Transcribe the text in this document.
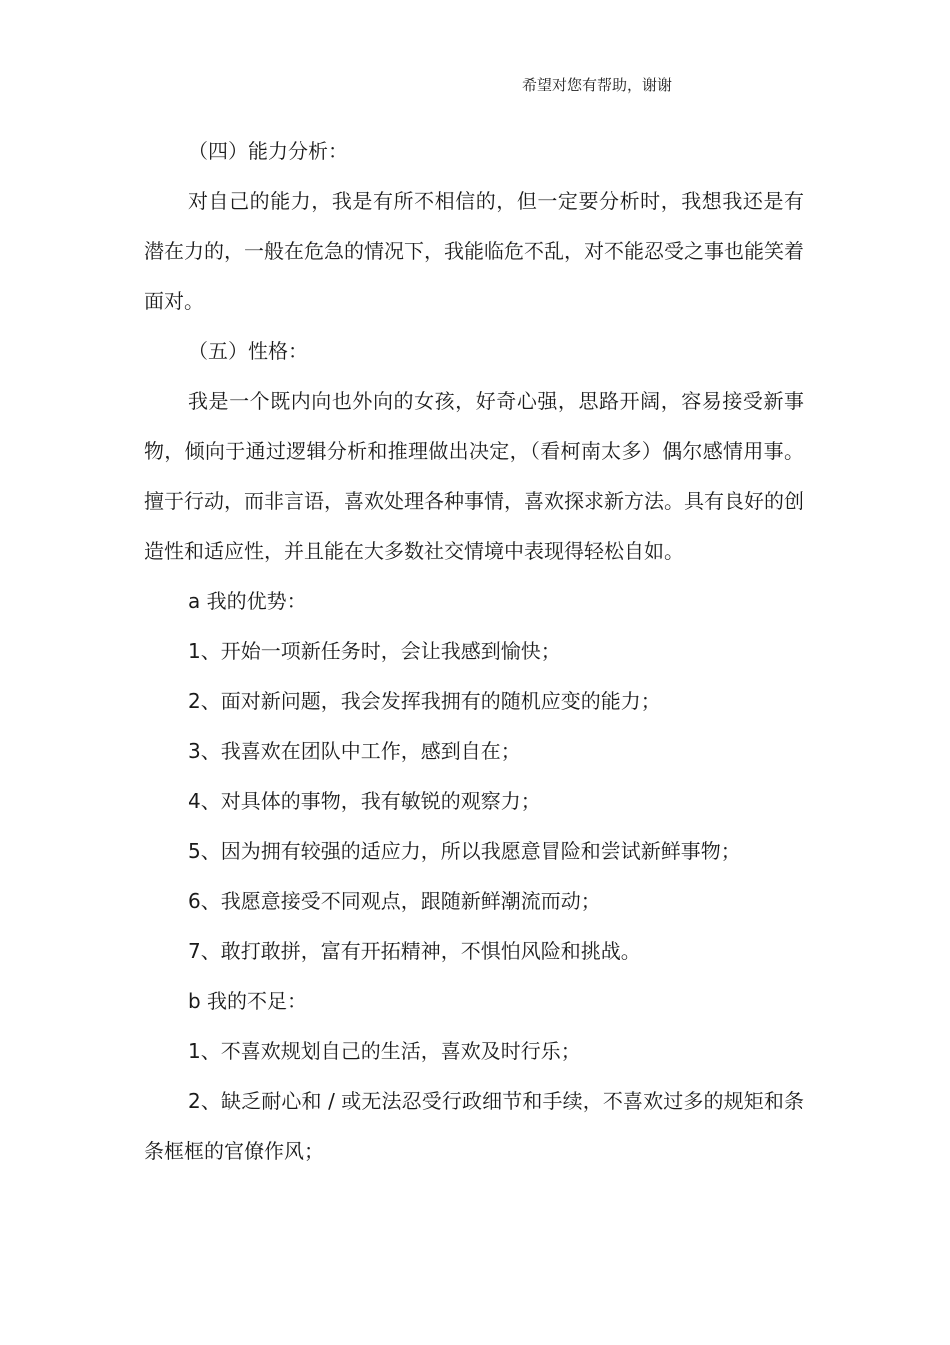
希望对您有帮助，谢谢

（四）能力分析：

对自己的能力，我是有所不相信的，但一定要分析时，我想我还是有潜在力的，一般在危急的情况下，我能临危不乱，对不能忍受之事也能笑着面对。

（五）性格：

我是一个既内向也外向的女孩，好奇心强，思路开阔，容易接受新事物，倾向于通过逻辑分析和推理做出决定，（看柯南太多）偶尔感情用事。擅于行动，而非言语，喜欢处理各种事情，喜欢探求新方法。具有良好的创造性和适应性，并且能在大多数社交情境中表现得轻松自如。

a 我的优势：

1、开始一项新任务时，会让我感到愉快；

2、面对新问题，我会发挥我拥有的随机应变的能力；

3、我喜欢在团队中工作，感到自在；

4、对具体的事物，我有敏锐的观察力；

5、因为拥有较强的适应力，所以我愿意冒险和尝试新鲜事物；

6、我愿意接受不同观点，跟随新鲜潮流而动；

7、敢打敢拼，富有开拓精神，不惧怕风险和挑战。

b 我的不足：

1、不喜欢规划自己的生活，喜欢及时行乐；

2、缺乏耐心和 / 或无法忍受行政细节和手续，不喜欢过多的规矩和条条框框的官僚作风；
